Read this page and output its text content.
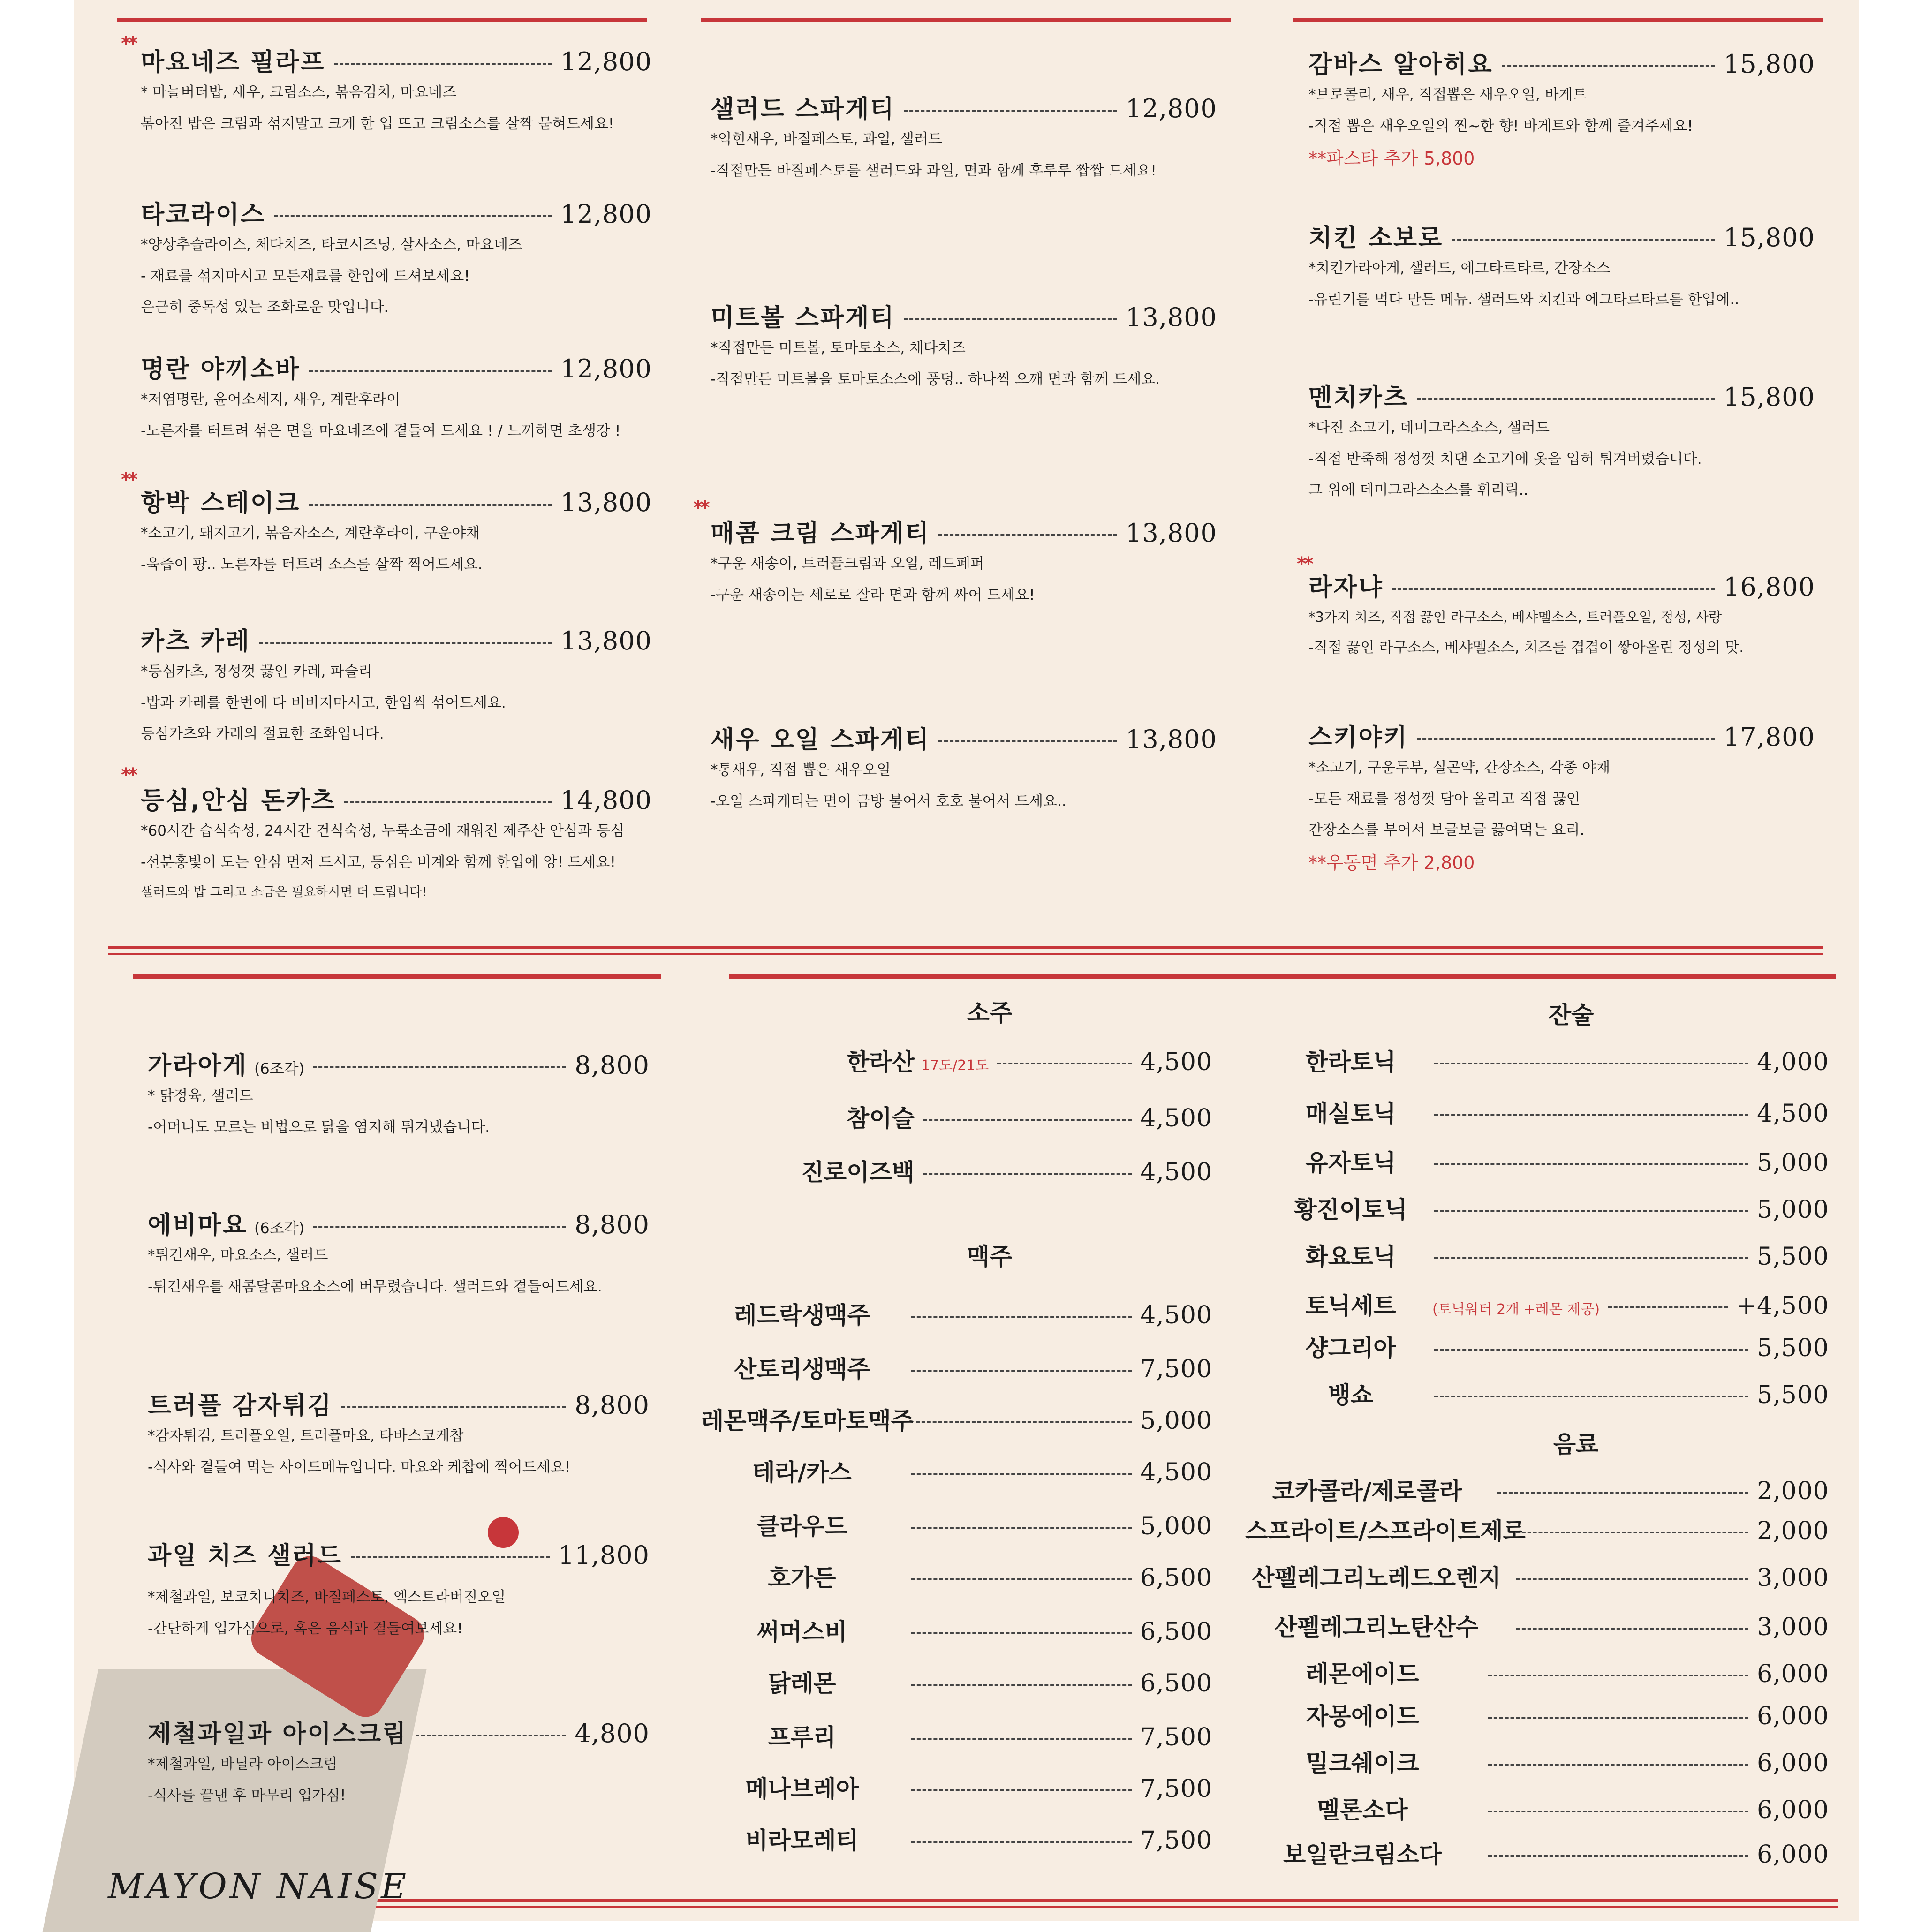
MAYON NAISE
**
마요네즈 필라프	12,800
* 마늘버터밥, 새우, 크림소스, 볶음김치, 마요네즈
볶아진 밥은 크림과 섞지말고 크게 한 입 뜨고 크림소스를 살짝 묻혀드세요!
타코라이스	12,800
*양상추슬라이스, 체다치즈, 타코시즈닝, 살사소스, 마요네즈
- 재료를 섞지마시고 모든재료를 한입에 드셔보세요!
은근히 중독성 있는 조화로운 맛입니다.
명란 야끼소바	12,800
*저염명란, 윤어소세지, 새우, 계란후라이
-노른자를 터트려 섞은 면을 마요네즈에 곁들여 드세요 ! / 느끼하면 초생강 !
**
항박 스테이크	13,800
*소고기, 돼지고기, 볶음자소스, 계란후라이, 구운야채
-육즙이 팡.. 노른자를 터트려 소스를 살짝 찍어드세요.
카츠 카레	13,800
*등심카츠, 정성껏 끓인 카레, 파슬리
-밥과 카레를 한번에 다 비비지마시고, 한입씩 섞어드세요.
등심카츠와 카레의 절묘한 조화입니다.
**
등심,안심 돈카츠	14,800
*60시간 습식숙성, 24시간 건식숙성, 누룩소금에 재워진 제주산 안심과 등심
-선분홍빛이 도는 안심 먼저 드시고, 등심은 비계와 함께 한입에 앙! 드세요!
샐러드와 밥 그리고 소금은 필요하시면 더 드립니다!
샐러드 스파게티	12,800
*익힌새우, 바질페스토, 과일, 샐러드
-직접만든 바질페스토를 샐러드와 과일, 면과 함께 후루루 짭짭 드세요!
미트볼 스파게티	13,800
*직접만든 미트볼, 토마토소스, 체다치즈
-직접만든 미트볼을 토마토소스에 풍덩.. 하나씩 으깨 면과 함께 드세요.
**
매콤 크림 스파게티	13,800
*구운 새송이, 트러플크림과 오일, 레드페퍼
-구운 새송이는 세로로 잘라 면과 함께 싸어 드세요!
새우 오일 스파게티	13,800
*통새우, 직접 뽑은 새우오일
-오일 스파게티는 면이 금방 불어서 호호 불어서 드세요..
감바스 알아히요	15,800
*브로콜리, 새우, 직접뽑은 새우오일, 바게트
-직접 뽑은 새우오일의 찐~한 향! 바게트와 함께 즐겨주세요!
**파스타 추가 5,800
치킨 소보로	15,800
*치킨가라아게, 샐러드, 에그타르타르, 간장소스
-유린기를 먹다 만든 메뉴. 샐러드와 치킨과 에그타르타르를 한입에..
멘치카츠	15,800
*다진 소고기, 데미그라스소스, 샐러드
-직접 반죽해 정성껏 치댄 소고기에 옷을 입혀 튀겨버렸습니다.
그 위에 데미그라스소스를 휘리릭..
**
라자냐	16,800
*3가지 치즈, 직접 끓인 라구소스, 베샤멜소스, 트러플오일, 정성, 사랑
-직접 끓인 라구소스, 베샤멜소스, 치즈를 겹겹이 쌓아올린 정성의 맛.
스키야키	17,800
*소고기, 구운두부, 실곤약, 간장소스, 각종 야채
-모든 재료를 정성껏 담아 올리고 직접 끓인
간장소스를 부어서 보글보글 끓여먹는 요리.
**우동면 추가 2,800
가라아게 (6조각)	8,800
* 닭정육, 샐러드
-어머니도 모르는 비법으로 닭을 염지해 튀겨냈습니다.
에비마요 (6조각)	8,800
*튀긴새우, 마요소스, 샐러드
-튀긴새우를 새콤달콤마요소스에 버무렸습니다. 샐러드와 곁들여드세요.
트러플 감자튀김	8,800
*감자튀김, 트러플오일, 트러플마요, 타바스코케찹
-식사와 곁들여 먹는 사이드메뉴입니다. 마요와 케찹에 찍어드세요!
과일 치즈 샐러드	11,800
*제철과일, 보코치니치즈, 바질페스토, 엑스트라버진오일
-간단하게 입가심으로, 혹은 음식과 곁들여보세요!
제철과일과 아이스크림	4,800
*제철과일, 바닐라 아이스크림
-식사를 끝낸 후 마무리 입가심!
소주
한라산 17도/21도	4,500
참이슬	4,500
진로이즈백	4,500
맥주
레드락생맥주	4,500
산토리생맥주	7,500
레몬맥주/토마토맥주	5,000
테라/카스	4,500
클라우드	5,000
호가든	6,500
써머스비	6,500
닭레몬	6,500
프루리	7,500
메나브레아	7,500
비라모레티	7,500
잔술
한라토닉	4,000
매실토닉	4,500
유자토닉	5,000
황진이토닉	5,000
화요토닉	5,500
토닉세트	(토닉워터 2개 +레몬 제공)	+4,500
샹그리아	5,500
뱅쇼	5,500
음료
코카콜라/제로콜라	2,000
스프라이트/스프라이트제로	2,000
산펠레그리노레드오렌지	3,000
산펠레그리노탄산수	3,000
레몬에이드	6,000
자몽에이드	6,000
밀크쉐이크	6,000
멜론소다	6,000
보일란크림소다	6,000
